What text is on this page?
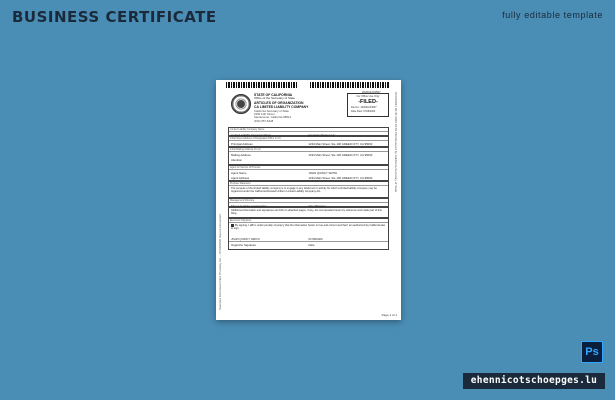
BUSINESS CERTIFICATE	fully editable template
Stamped Document Filed Thursday Inc. – 07/28/2020 Secure Document
07/24/2021 20:45 2020 03:04 PM Received by California Secretary of State
STATE OF CALIFORNIA
Office of the Secretary of State
ARTICLES OF ORGANIZATION
CA LIMITED LIABILITY COMPANY
California Secretary of State
1500 11th Street
Sacramento, California 95814
(916) 657-5448
202001234567
For Office Use Only
-FILED-
File No.: 202001234567
Date Filed: 07/28/2020
Limited Liability Company Name
Limited Liability Company Name	Company Name LLC
Initial Street Address of Designated Office in CA
Principal Address	1234 Main Street, Ste 100 GREEN CITY, CA 95000
Initial Mailing Address of LLC
Mailing Address	1234 Main Street, Ste 100 GREEN CITY, CA 95000
Attention
Agent for Service of Process
Agent Name	JOHN QUINCY SMITH
Agent Address	1234 Main Street, Ste 100 GREEN CITY, CA 95000
Purpose Statement
The purpose of the limited liability company is to engage in any lawful act or activity for which a limited liability company may be organized under the California Revised Uniform Limited Liability Company Act.
Management Structure
The LLC will be managed by:	One Manager
Additional information and signatures set forth on attached pages, if any, are incorporated herein by reference and made part of this filing.
Electronic Signature
By signing, I affirm under penalty of perjury that the information herein is true and correct and that I am authorized by California law to sign.
JOHN QUINCY SMITH	07/28/2020
Organizer Signature	Date
Page 1 of 1
Ps
ehennicotschoepges.lu
